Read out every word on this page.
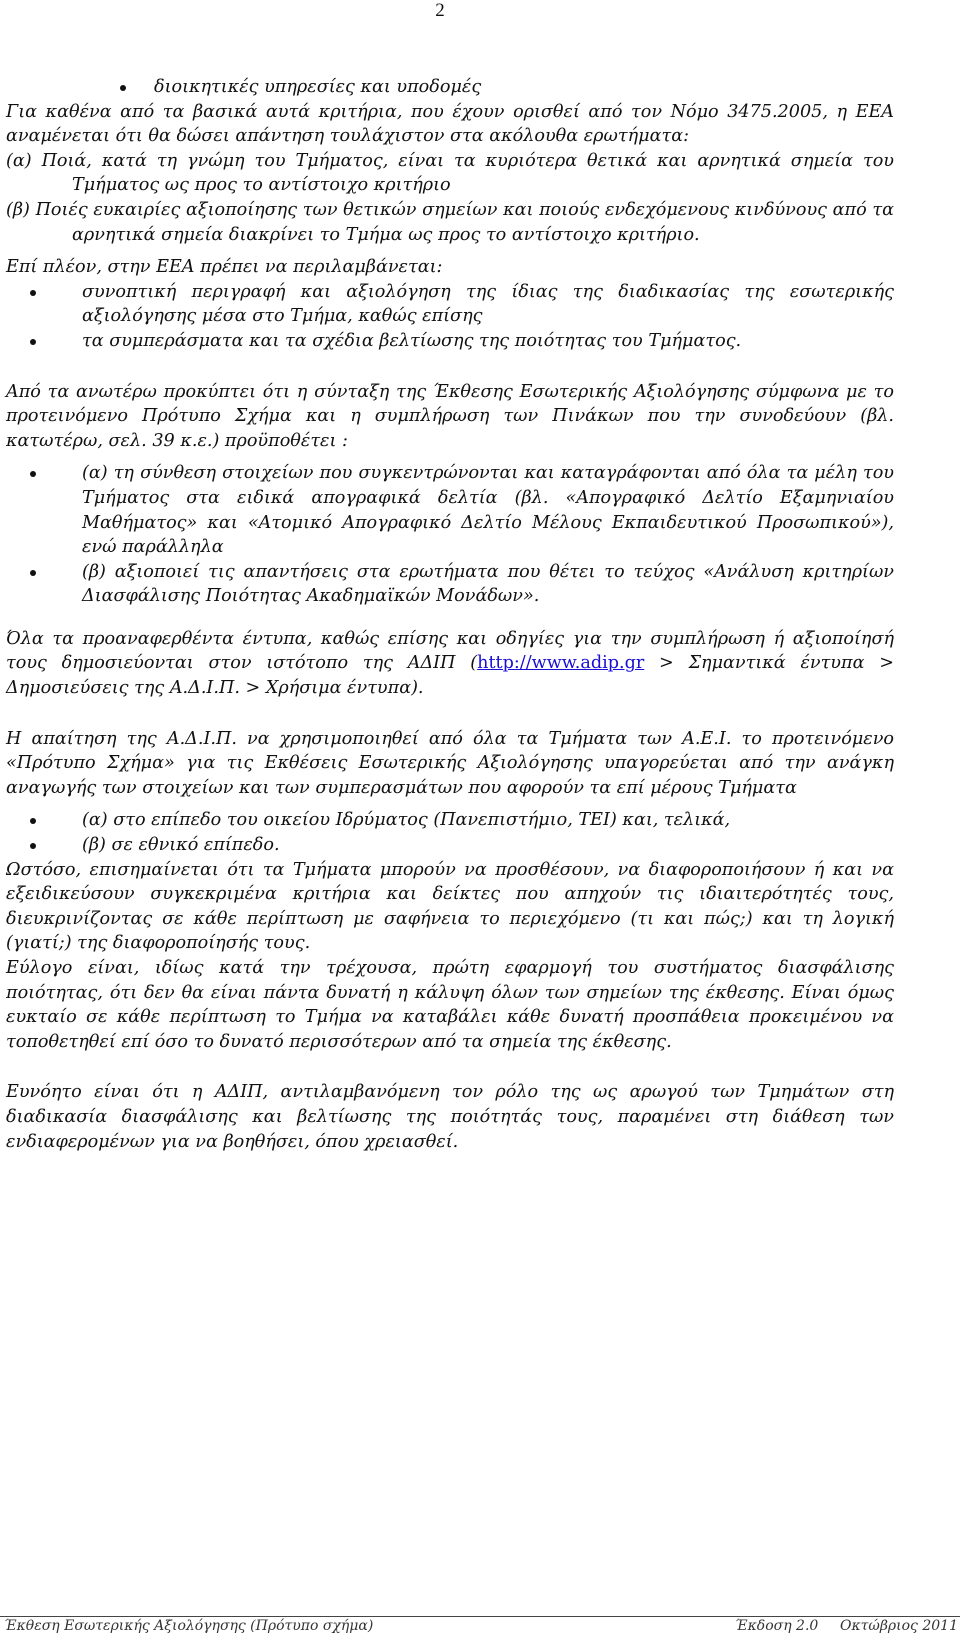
2
διοικητικές υπηρεσίες και υποδομές

Για καθένα από τα βασικά αυτά κριτήρια, που έχουν ορισθεί από τον Νόμο 3475.2005, η ΕΕΑ αναμένεται ότι θα δώσει απάντηση τουλάχιστον στα ακόλουθα ερωτήματα:

(α) Ποιά, κατά τη γνώμη του Τμήματος, είναι τα κυριότερα θετικά και αρνητικά σημεία του Τμήματος ως προς το αντίστοιχο κριτήριο

(β) Ποιές ευκαιρίες αξιοποίησης των θετικών σημείων και ποιούς ενδεχόμενους κινδύνους από τα αρνητικά σημεία διακρίνει το Τμήμα ως προς το αντίστοιχο κριτήριο.

Επί πλέον, στην ΕΕΑ πρέπει να περιλαμβάνεται:

συνοπτική περιγραφή και αξιολόγηση της ίδιας της διαδικασίας της εσωτερικής αξιολόγησης μέσα στο Τμήμα, καθώς επίσης
τα συμπεράσματα και τα σχέδια βελτίωσης της ποιότητας του Τμήματος.

Από τα ανωτέρω προκύπτει ότι η σύνταξη της Έκθεσης Εσωτερικής Αξιολόγησης σύμφωνα με το προτεινόμενο Πρότυπο Σχήμα και η συμπλήρωση των Πινάκων που την συνοδεύουν (βλ. κατωτέρω, σελ. 39 κ.ε.) προϋποθέτει :

(α) τη σύνθεση στοιχείων που συγκεντρώνονται και καταγράφονται από όλα τα μέλη του Τμήματος στα ειδικά απογραφικά δελτία (βλ. «Απογραφικό Δελτίο Εξαμηνιαίου Μαθήματος» και «Ατομικό Απογραφικό Δελτίο Μέλους Εκπαιδευτικού Προσωπικού»), ενώ παράλληλα
(β) αξιοποιεί τις απαντήσεις στα ερωτήματα που θέτει το τεύχος «Ανάλυση κριτηρίων Διασφάλισης Ποιότητας Ακαδημαϊκών Μονάδων».

Όλα τα προαναφερθέντα έντυπα, καθώς επίσης και οδηγίες για την συμπλήρωση ή αξιοποίησή τους δημοσιεύονται στον ιστότοπο της ΑΔΙΠ (http://www.adip.gr > Σημαντικά έντυπα > Δημοσιεύσεις της Α.Δ.Ι.Π. > Χρήσιμα έντυπα).

Η απαίτηση της Α.Δ.Ι.Π. να χρησιμοποιηθεί από όλα τα Τμήματα των Α.Ε.Ι. το προτεινόμενο «Πρότυπο Σχήμα» για τις Εκθέσεις Εσωτερικής Αξιολόγησης υπαγορεύεται από την ανάγκη αναγωγής των στοιχείων και των συμπερασμάτων που αφορούν τα επί μέρους Τμήματα

(α) στο επίπεδο του οικείου Ιδρύματος (Πανεπιστήμιο, ΤΕΙ) και, τελικά,
(β) σε εθνικό επίπεδο.

Ωστόσο, επισημαίνεται ότι τα Τμήματα μπορούν να προσθέσουν, να διαφοροποιήσουν ή και να εξειδικεύσουν συγκεκριμένα κριτήρια και δείκτες που απηχούν τις ιδιαιτερότητές τους, διευκρινίζοντας σε κάθε περίπτωση με σαφήνεια το περιεχόμενο (τι και πώς;) και τη λογική (γιατί;) της διαφοροποίησής τους.

Εύλογο είναι, ιδίως κατά την τρέχουσα, πρώτη εφαρμογή του συστήματος διασφάλισης ποιότητας, ότι δεν θα είναι πάντα δυνατή η κάλυψη όλων των σημείων της έκθεσης. Είναι όμως ευκταίο σε κάθε περίπτωση το Τμήμα να καταβάλει κάθε δυνατή προσπάθεια προκειμένου να τοποθετηθεί επί όσο το δυνατό περισσότερων από τα σημεία της έκθεσης.

Ευνόητο είναι ότι η ΑΔΙΠ, αντιλαμβανόμενη τον ρόλο της ως αρωγού των Τμημάτων στη διαδικασία διασφάλισης και βελτίωσης της ποιότητάς τους, παραμένει στη διάθεση των ενδιαφερομένων για να βοηθήσει, όπου χρειασθεί.

Έκθεση Εσωτερικής Αξιολόγησης (Πρότυπο σχήμα)	Έκδοση 2.0 Οκτώβριος 2011
